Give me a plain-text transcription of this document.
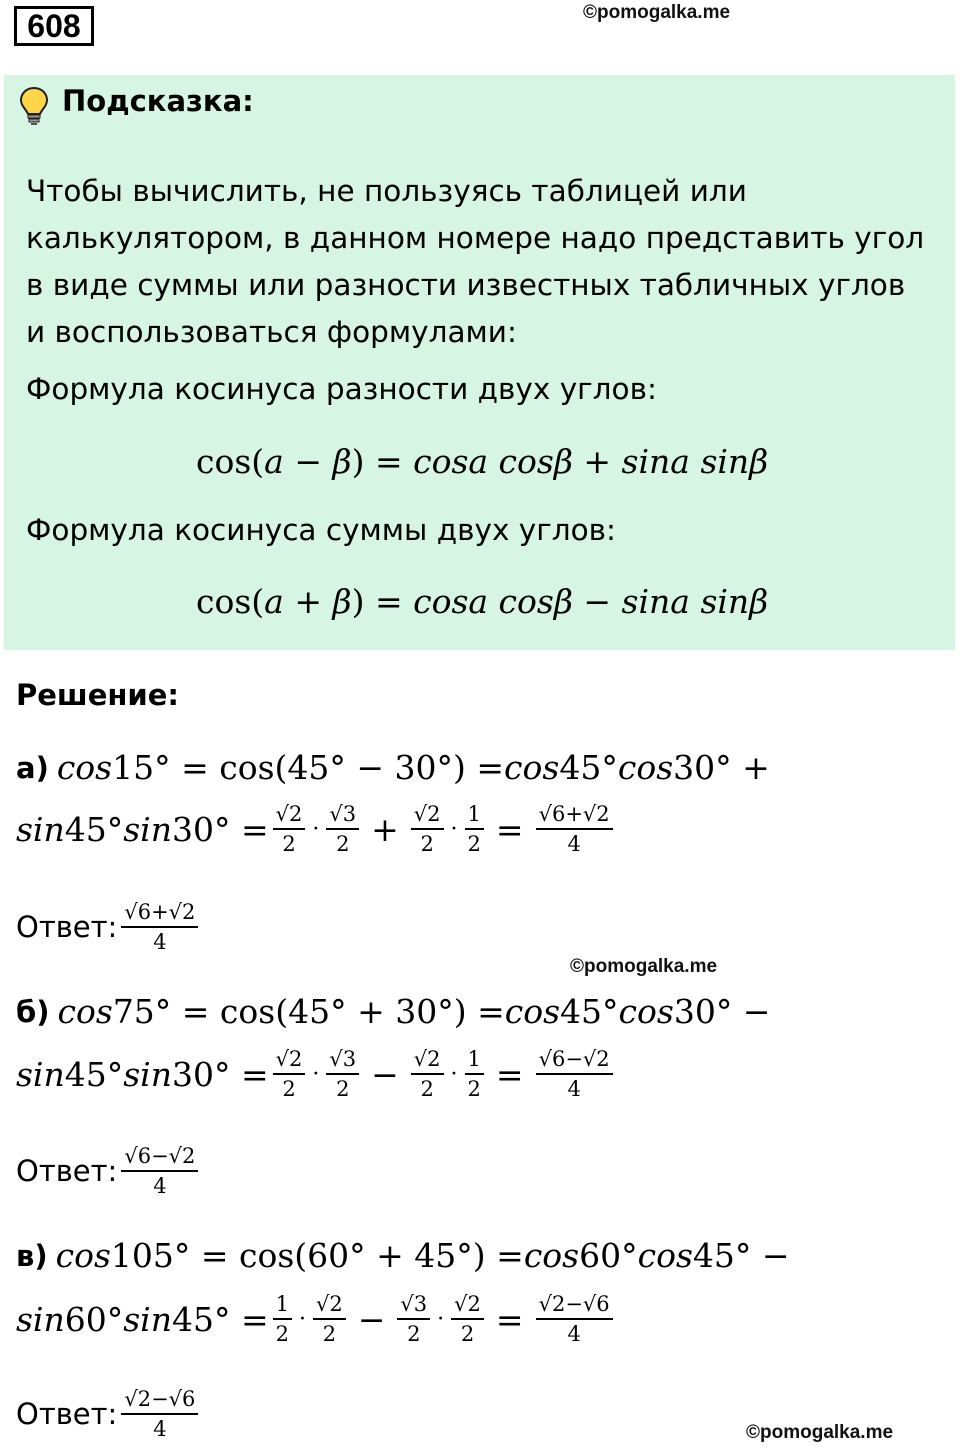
608	©pomogalka.me
Подсказка:
Чтобы вычислить, не пользуясь таблицей или калькулятором, в данном номере надо представить угол в виде суммы или разности известных табличных углов и воспользоваться формулами:
Формула косинуса разности двух углов:
cos(a − β) = cosa cosβ + sina sinβ
Формула косинуса суммы двух углов:
cos(a + β) = cosa cosβ − sina sinβ
Решение:
а) cos 15° = cos(45° − 30°) = cos 45° cos 30° +
sin 45° $\sin 30^\circ = \frac{√2}{2} \cdot \frac{√3}{2} + \frac{√2}{2} \cdot \frac{1}{2} = \frac{√6+√2}{4}$
Ответ: $\frac{√6+√2}{4}$
©pomogalka.me
б) cos 75° = cos(45° + 30°) = cos 45° cos 30° −
sin 45° $\sin 30^\circ = \frac{√2}{2} \cdot \frac{√3}{2} - \frac{√2}{2} \cdot \frac{1}{2} = \frac{√6-√2}{4}$
Ответ: $\frac{√6-√2}{4}$
в) cos 105° = cos(60° + 45°) = cos 60° cos 45° −
sin 60° $\sin 45^\circ = \frac{1}{2} \cdot \frac{√2}{2} - \frac{√3}{2} \cdot \frac{√2}{2} = \frac{√2-√6}{4}$
Ответ: $\frac{√2-√6}{4}$	©pomogalka.me
